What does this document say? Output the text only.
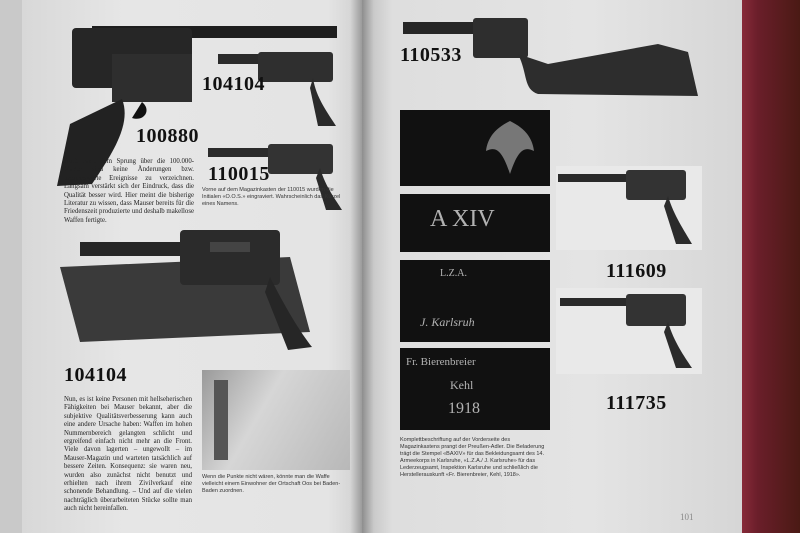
104104
100880
110015
104104
Vorne auf dem Magazinkasten der 110015 wurden die Initialen «O.O.S.» eingraviert. Wahrscheinlich das Kürzel eines Namens.
Auch nach dem Sprung über die 100.000-Marke sind keine Änderungen bzw. nennenswerte Ereignisse zu verzeichnen. Langsam verstärkt sich der Eindruck, dass die Qualität besser wird. Hier meint die bisherige Literatur zu wissen, dass Mauser bereits für die Friedenszeit produzierte und deshalb makellose Waffen fertigte.
Nun, es ist keine Personen mit hellseherischen Fähigkeiten bei Mauser bekannt, aber die subjektive Qualitätsverbesserung kann auch eine andere Ursache haben: Waffen im hohen Nummernbereich gelangten schlicht und ergreifend einfach nicht mehr an die Front. Viele davon lagerten – ungewollt – im Mauser-Magazin und warteten tatsächlich auf bessere Zeiten. Konsequenz: sie waren neu, wurden also zunächst nicht benutzt und erhielten nach ihrem Zivilverkauf eine schonende Behandlung. – Und auf die vielen nachträglich überarbeiteten Stücke sollte man auch nicht hereinfallen.
Wenn die Punkte nicht wären, könnte man die Waffe vielleicht einem Einwohner der Ortschaft Oos bei Baden-Baden zuordnen.
110533
A XIV
L.Z.A.
J. Karlsruh
Fr. Bierenbreier
Kehl
1918
Komplettbeschriftung auf der Vorderseite des Magazinkastens prangt der Preußen-Adler. Die Beladerung trägt die Stempel «BAXIV» für das Bekleidungsamt des 14. Armeekorps in Karlsruhe, «L.Z.A./ J. Karlsruhe» für das Lederzeugsamt, Inspektion Karlsruhe und schließlich die Herstellerauskunft «Fr. Bierenbreier, Kehl, 1918».
111609
111735
101
